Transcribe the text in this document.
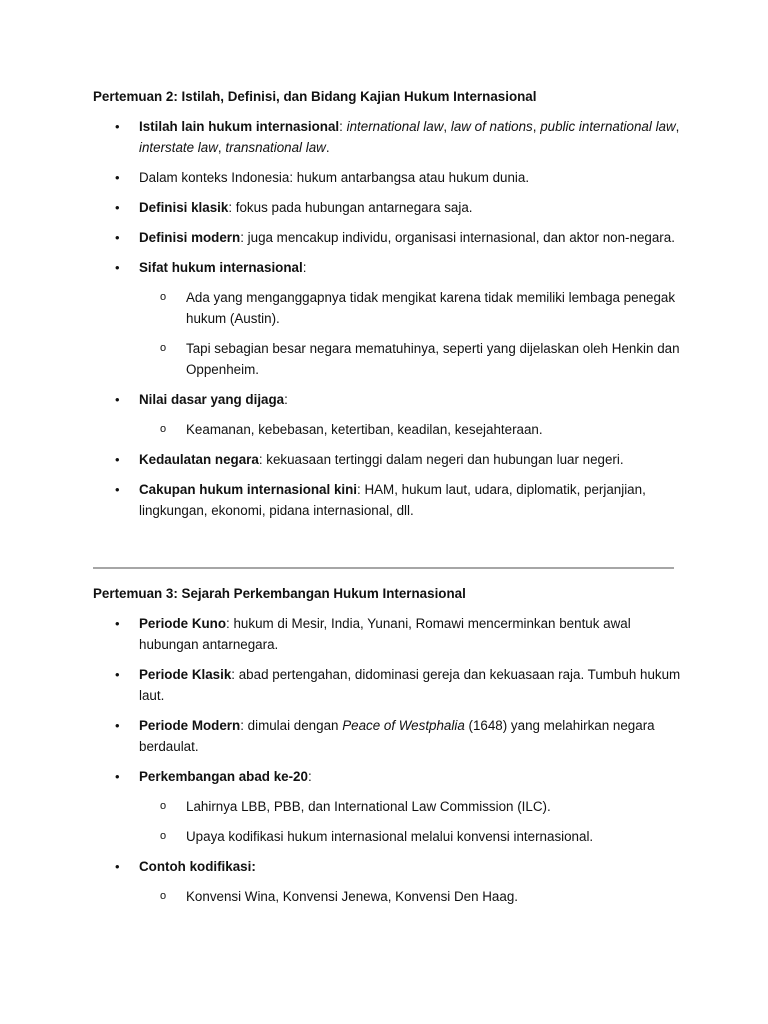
Pertemuan 2: Istilah, Definisi, dan Bidang Kajian Hukum Internasional
• Istilah lain hukum internasional: international law, law of nations, public international law, interstate law, transnational law.
• Dalam konteks Indonesia: hukum antarbangsa atau hukum dunia.
• Definisi klasik: fokus pada hubungan antarnegara saja.
• Definisi modern: juga mencakup individu, organisasi internasional, dan aktor non-negara.
• Sifat hukum internasional:
o Ada yang menganggapnya tidak mengikat karena tidak memiliki lembaga penegak hukum (Austin).
o Tapi sebagian besar negara mematuhinya, seperti yang dijelaskan oleh Henkin dan Oppenheim.
• Nilai dasar yang dijaga:
o Keamanan, kebebasan, ketertiban, keadilan, kesejahteraan.
• Kedaulatan negara: kekuasaan tertinggi dalam negeri dan hubungan luar negeri.
• Cakupan hukum internasional kini: HAM, hukum laut, udara, diplomatik, perjanjian, lingkungan, ekonomi, pidana internasional, dll.
Pertemuan 3: Sejarah Perkembangan Hukum Internasional
• Periode Kuno: hukum di Mesir, India, Yunani, Romawi mencerminkan bentuk awal hubungan antarnegara.
• Periode Klasik: abad pertengahan, didominasi gereja dan kekuasaan raja. Tumbuh hukum laut.
• Periode Modern: dimulai dengan Peace of Westphalia (1648) yang melahirkan negara berdaulat.
• Perkembangan abad ke-20:
o Lahirnya LBB, PBB, dan International Law Commission (ILC).
o Upaya kodifikasi hukum internasional melalui konvensi internasional.
• Contoh kodifikasi:
o Konvensi Wina, Konvensi Jenewa, Konvensi Den Haag.
